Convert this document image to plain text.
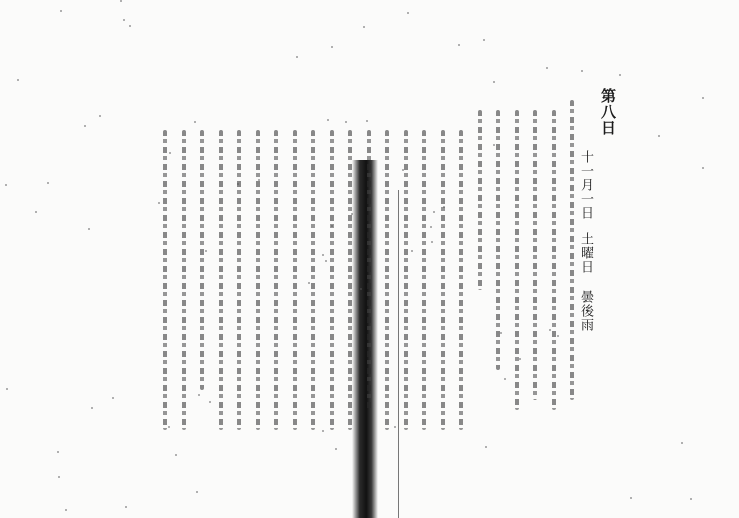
第八日
十一月一日
土曜日
曇後雨
